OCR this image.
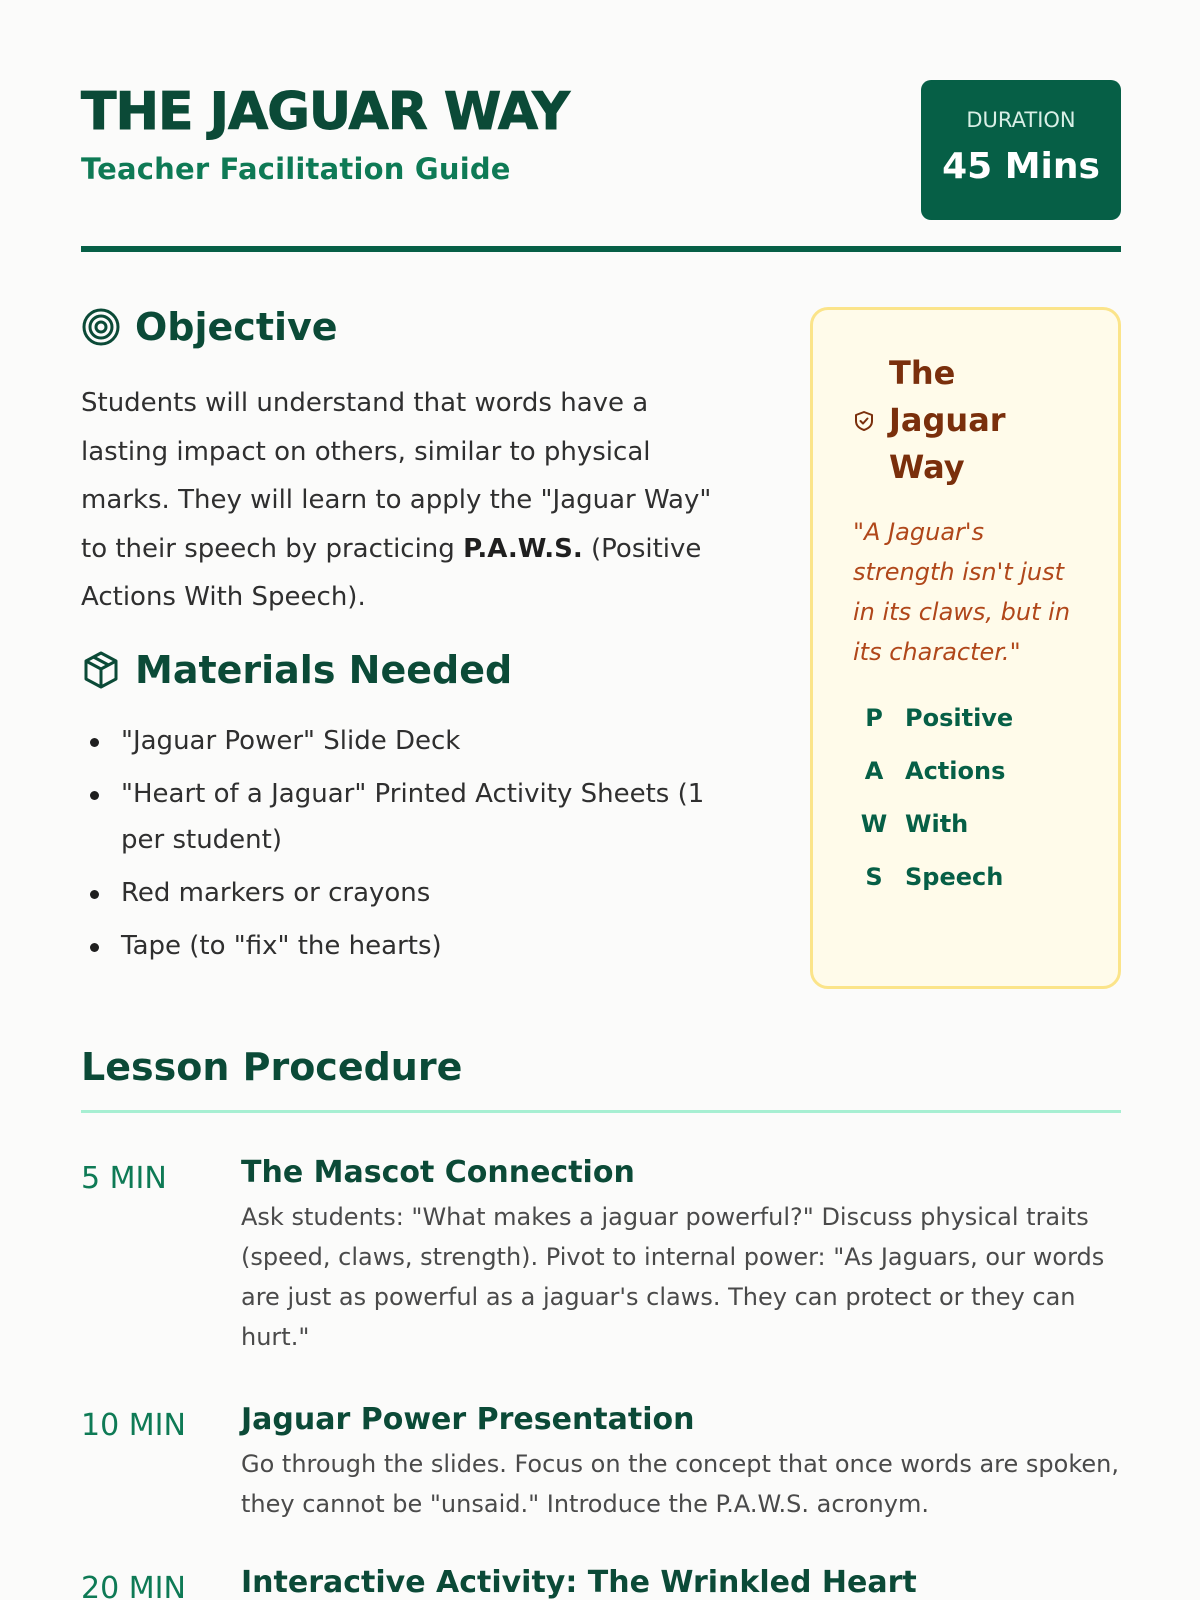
THE JAGUAR WAY
Teacher Facilitation Guide
DURATION
45 Mins
Objective

Students will understand that words have a lasting impact on others, similar to physical marks. They will learn to apply the "Jaguar Way" to their speech by practicing P.A.W.S. (Positive Actions With Speech).

Materials Needed
"Jaguar Power" Slide Deck
"Heart of a Jaguar" Printed Activity Sheets (1 per student)
Red markers or crayons
Tape (to "fix" the hearts)
The Jaguar Way
"A Jaguar's strength isn't just in its claws, but in its character."
P Positive
A Actions
W With
S Speech
Lesson Procedure
5 MIN The Mascot Connection
Ask students: "What makes a jaguar powerful?" Discuss physical traits (speed, claws, strength). Pivot to internal power: "As Jaguars, our words are just as powerful as a jaguar's claws. They can protect or they can hurt."
10 MIN Jaguar Power Presentation
Go through the slides. Focus on the concept that once words are spoken, they cannot be "unsaid." Introduce the P.A.W.S. acronym.
20 MIN Interactive Activity: The Wrinkled Heart
